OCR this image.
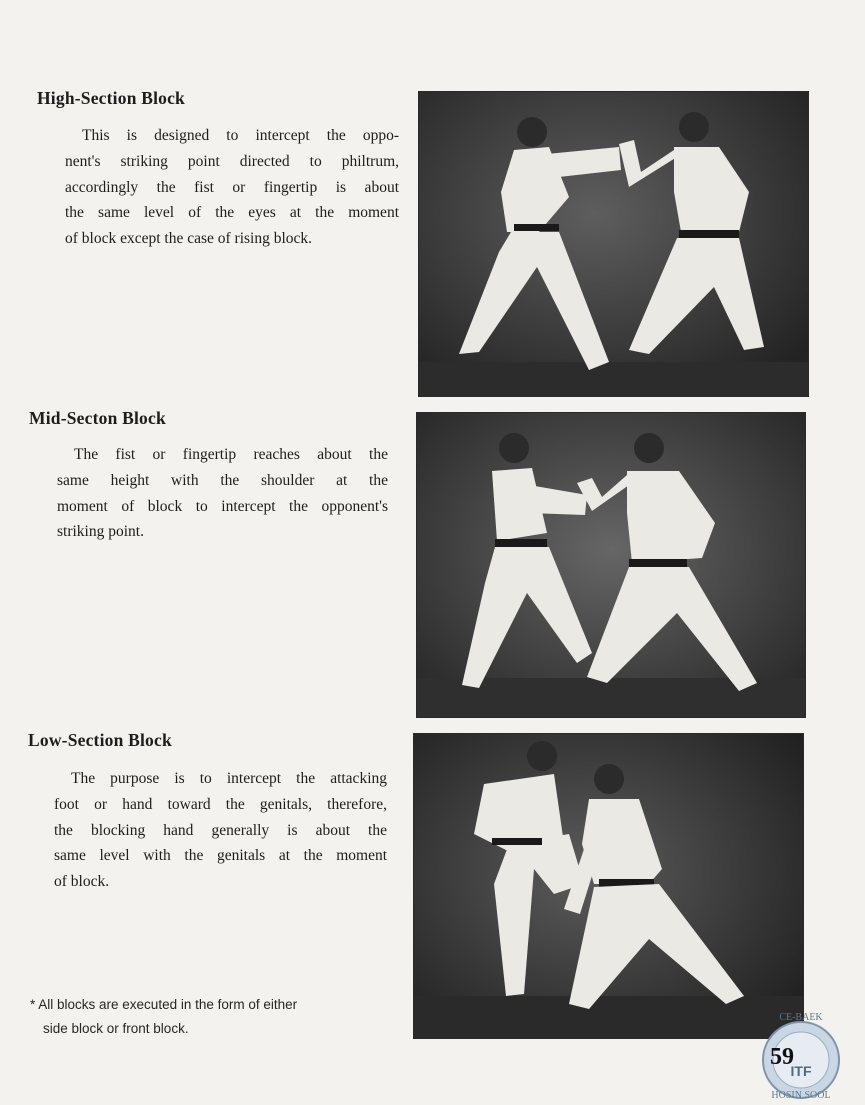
High-Section Block
This is designed to intercept the oppo-
nent's striking point directed to philtrum,
accordingly the fist or fingertip is about
the same level of the eyes at the moment
of block except the case of rising block.
Mid-Secton Block
The fist or fingertip reaches about the
same height with the shoulder at the
moment of block to intercept the opponent's
striking point.
Low-Section Block
The purpose is to intercept the attacking
foot or hand toward the genitals, therefore,
the blocking hand generally is about the
same level with the genitals at the moment
of block.
* All blocks are executed in the form of either
side block or front block.
CE-BAEK
ITF
HOSIN SOOL
59
